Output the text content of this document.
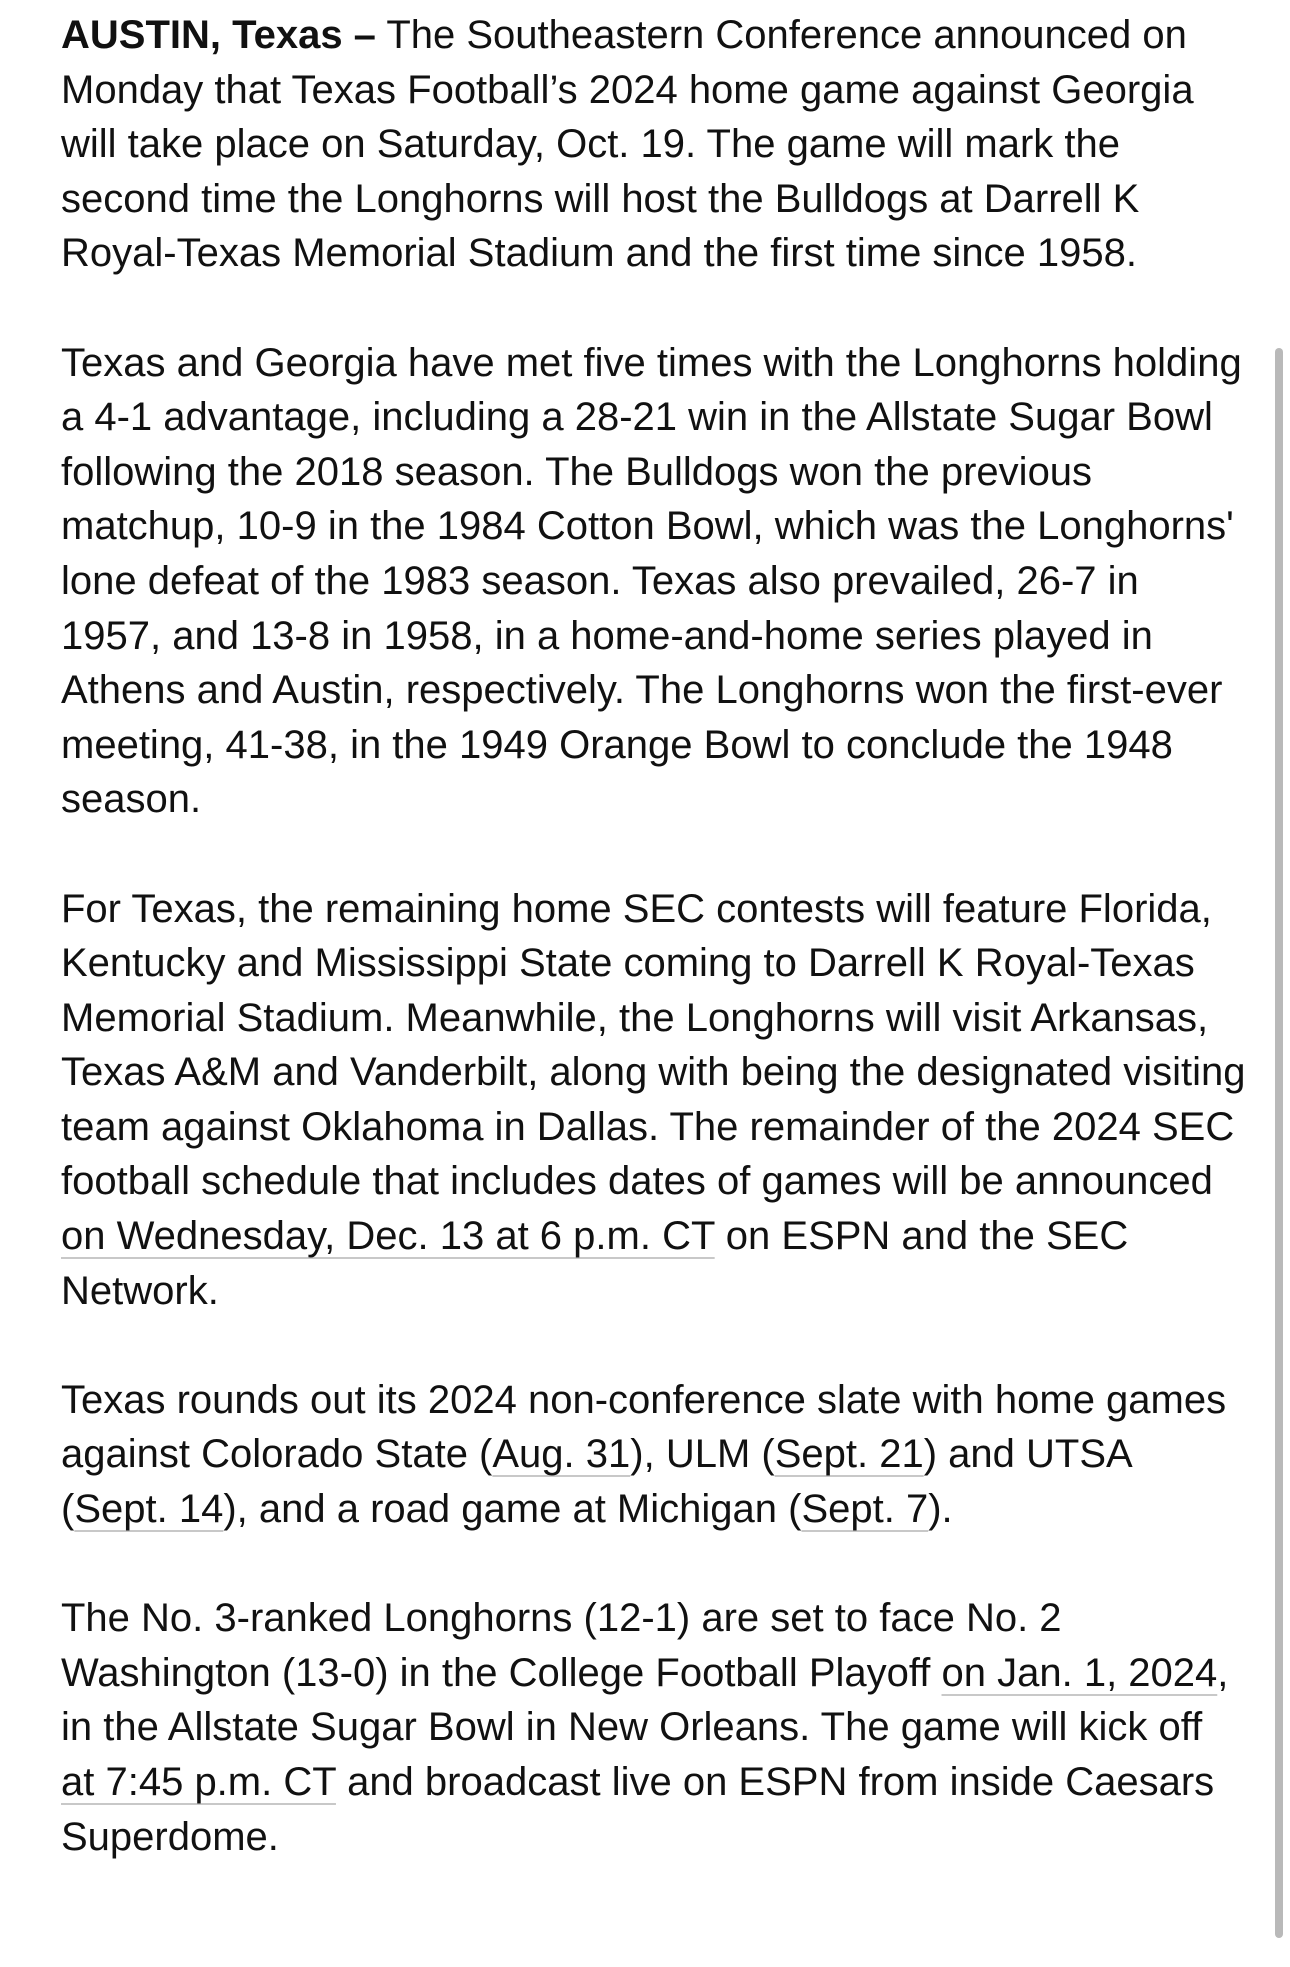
AUSTIN, Texas – The Southeastern Conference announced on Monday that Texas Football’s 2024 home game against Georgia will take place on Saturday, Oct. 19. The game will mark the second time the Longhorns will host the Bulldogs at Darrell K Royal-Texas Memorial Stadium and the first time since 1958.

Texas and Georgia have met five times with the Longhorns holding a 4-1 advantage, including a 28-21 win in the Allstate Sugar Bowl following the 2018 season. The Bulldogs won the previous matchup, 10-9 in the 1984 Cotton Bowl, which was the Longhorns' lone defeat of the 1983 season. Texas also prevailed, 26-7 in 1957, and 13-8 in 1958, in a home-and-home series played in Athens and Austin, respectively. The Longhorns won the first-ever meeting, 41-38, in the 1949 Orange Bowl to conclude the 1948 season.

For Texas, the remaining home SEC contests will feature Florida, Kentucky and Mississippi State coming to Darrell K Royal-Texas Memorial Stadium. Meanwhile, the Longhorns will visit Arkansas, Texas A&M and Vanderbilt, along with being the designated visiting team against Oklahoma in Dallas. The remainder of the 2024 SEC football schedule that includes dates of games will be announced on Wednesday, Dec. 13 at 6 p.m. CT on ESPN and the SEC Network.

Texas rounds out its 2024 non-conference slate with home games against Colorado State (Aug. 31), ULM (Sept. 21) and UTSA (Sept. 14), and a road game at Michigan (Sept. 7).

The No. 3-ranked Longhorns (12-1) are set to face No. 2 Washington (13-0) in the College Football Playoff on Jan. 1, 2024, in the Allstate Sugar Bowl in New Orleans. The game will kick off at 7:45 p.m. CT and broadcast live on ESPN from inside Caesars Superdome.
